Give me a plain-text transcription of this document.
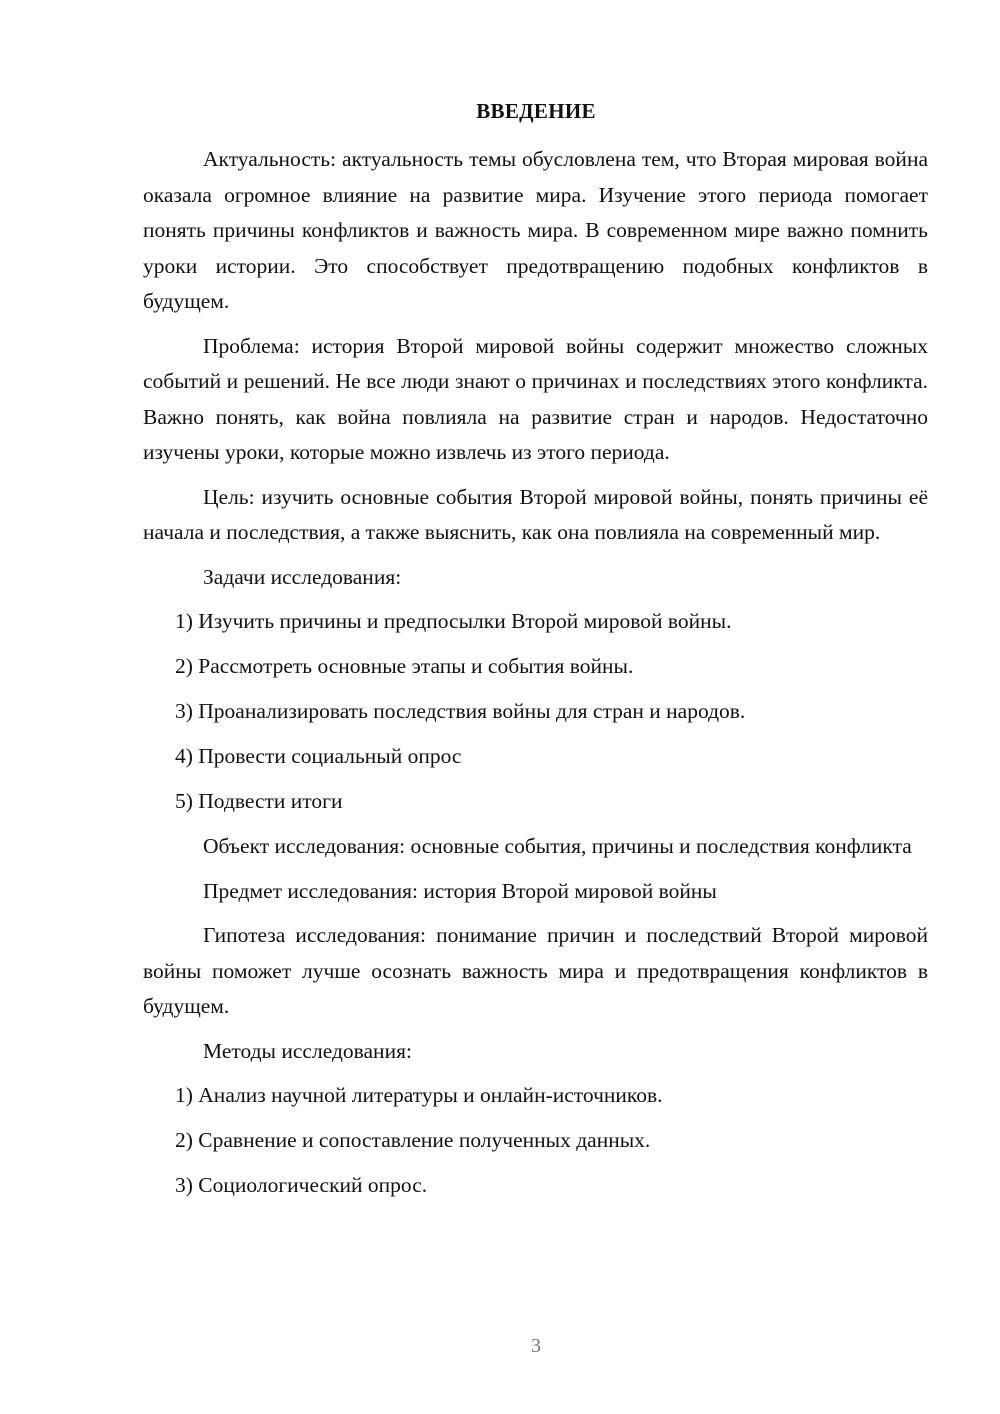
ВВЕДЕНИЕ

Актуальность: актуальность темы обусловлена тем, что Вторая мировая война оказала огромное влияние на развитие мира. Изучение этого периода помогает понять причины конфликтов и важность мира. В современном мире важно помнить уроки истории. Это способствует предотвращению подобных конфликтов в будущем.

Проблема: история Второй мировой войны содержит множество сложных событий и решений. Не все люди знают о причинах и последствиях этого конфликта. Важно понять, как война повлияла на развитие стран и народов. Недостаточно изучены уроки, которые можно извлечь из этого периода.

Цель: изучить основные события Второй мировой войны, понять причины её начала и последствия, а также выяснить, как она повлияла на современный мир.

Задачи исследования:

1) Изучить причины и предпосылки Второй мировой войны.
2) Рассмотреть основные этапы и события войны.
3) Проанализировать последствия войны для стран и народов.
4) Провести социальный опрос
5) Подвести итоги

Объект исследования: основные события, причины и последствия конфликта

Предмет исследования: история Второй мировой войны

Гипотеза исследования: понимание причин и последствий Второй мировой войны поможет лучше осознать важность мира и предотвращения конфликтов в будущем.

Методы исследования:

1) Анализ научной литературы и онлайн-источников.
2) Сравнение и сопоставление полученных данных.
3) Социологический опрос.
3
